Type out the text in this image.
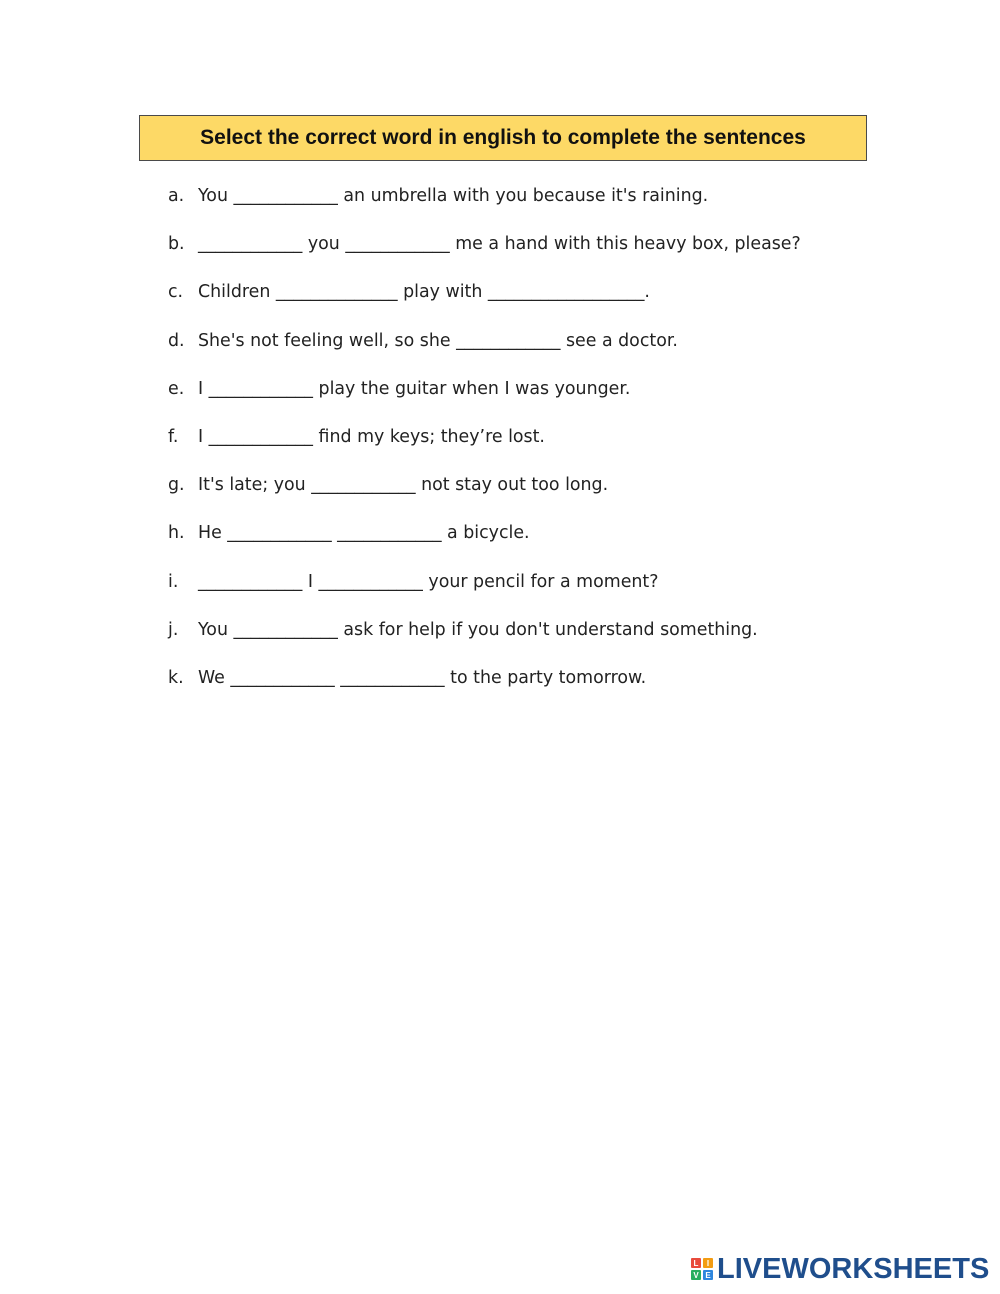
Select the correct word in english to complete the sentences
a. You ____________ an umbrella with you because it's raining.
b. ____________ you ____________ me a hand with this heavy box, please?
c. Children ______________ play with __________________.
d. She's not feeling well, so she ____________ see a doctor.
e. I ____________ play the guitar when I was younger.
f.	I ____________ find my keys; they’re lost.
g. It's late; you ____________ not stay out too long.
h. He ____________ ____________ a bicycle.
i.	____________ I ____________ your pencil for a moment?
j.	You ____________ ask for help if you don't understand something.
k. We ____________ ____________ to the party tomorrow.
L	I
V E LIVEWORKSHEETS
